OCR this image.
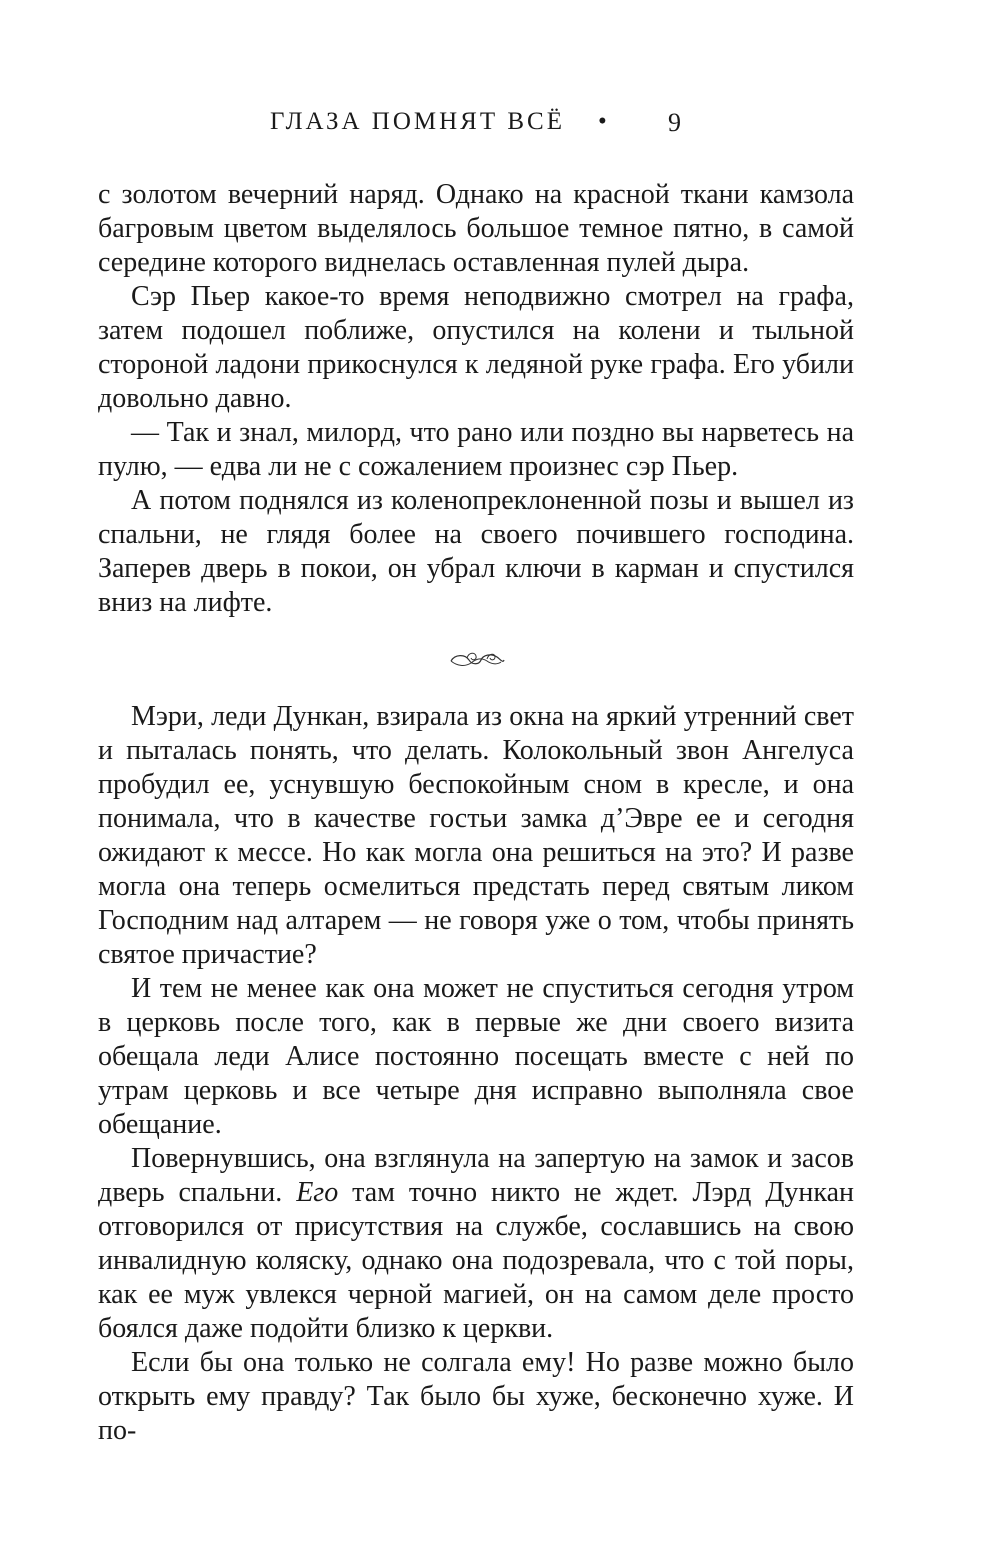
ГЛАЗА ПОМНЯТ ВСЁ • 9

с золотом вечерний наряд. Однако на красной ткани камзола багровым цветом выделялось большое темное пятно, в самой середине которого виднелась оставленная пулей дыра.

Сэр Пьер какое-то время неподвижно смотрел на графа, затем подошел поближе, опустился на колени и тыльной стороной ладони прикоснулся к ледяной руке графа. Его убили довольно давно.

— Так и знал, милорд, что рано или поздно вы нарветесь на пулю, — едва ли не с сожалением произнес сэр Пьер.

А потом поднялся из коленопреклоненной позы и вышел из спальни, не глядя более на своего почившего господина. Заперев дверь в покои, он убрал ключи в карман и спустился вниз на лифте.

Мэри, леди Дункан, взирала из окна на яркий утренний свет и пыталась понять, что делать. Колокольный звон Ангелуса пробудил ее, уснувшую беспокойным сном в кресле, и она понимала, что в качестве гостьи замка д’Эвре ее и сегодня ожидают к мессе. Но как могла она решиться на это? И разве могла она теперь осмелиться предстать перед святым ликом Господним над алтарем — не говоря уже о том, чтобы принять святое причастие?

И тем не менее как она может не спуститься сегодня утром в церковь после того, как в первые же дни своего визита обещала леди Алисе постоянно посещать вместе с ней по утрам церковь и все четыре дня исправно выполняла свое обещание.

Повернувшись, она взглянула на запертую на замок и засов дверь спальни. Его там точно никто не ждет. Лэрд Дункан отговорился от присутствия на службе, сославшись на свою инвалидную коляску, однако она подозревала, что с той поры, как ее муж увлекся черной магией, он на самом деле просто боялся даже подойти близко к церкви.

Если бы она только не солгала ему! Но разве можно было открыть ему правду? Так было бы хуже, бесконечно хуже. И по-
